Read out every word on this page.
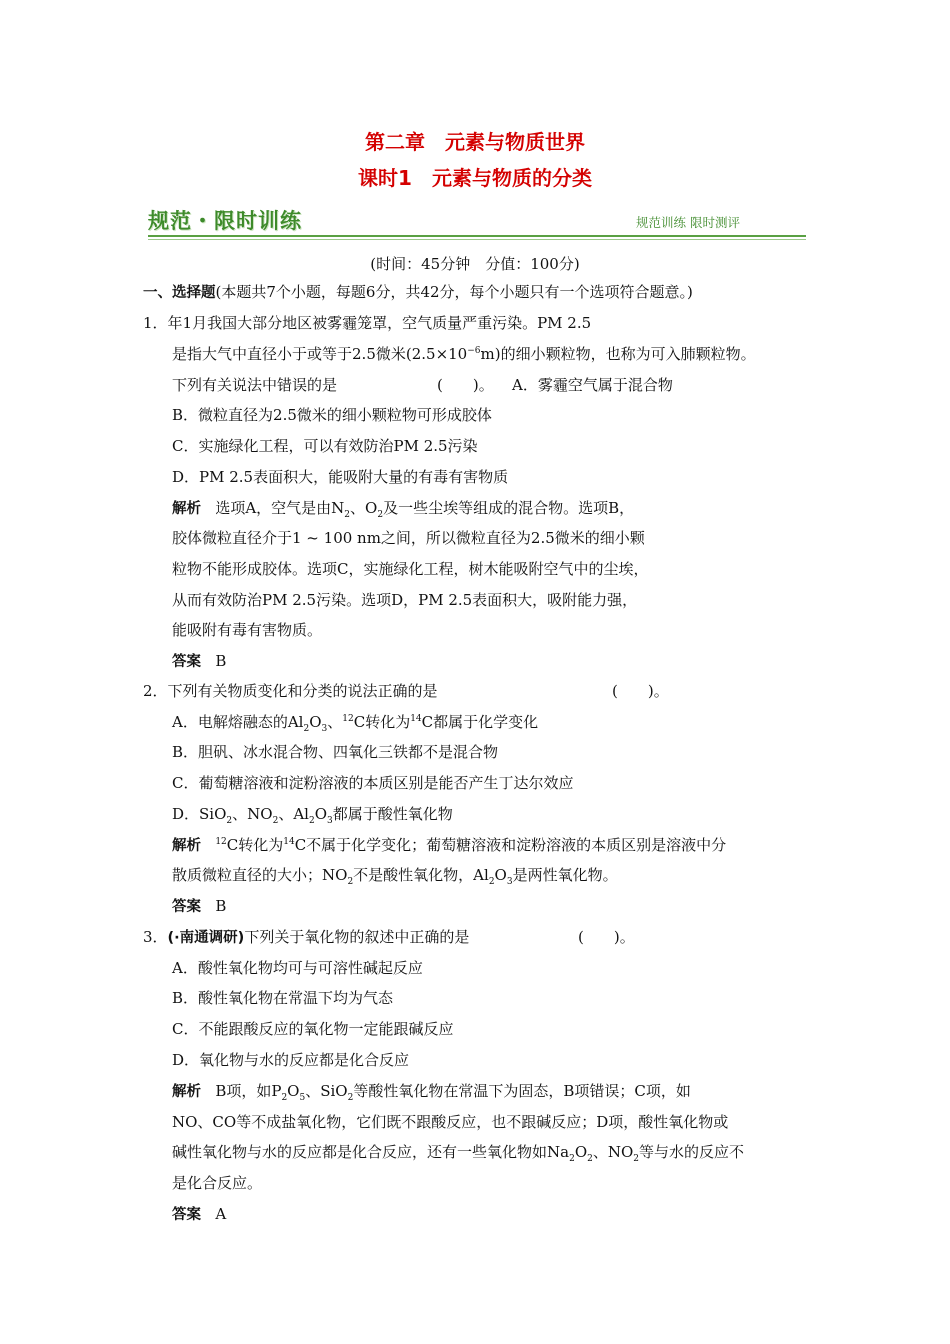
第二章　元素与物质世界
课时1　元素与物质的分类
规范・限时训练	规范训练 限时测评
(时间：45分钟　分值：100分)
一、选择题(本题共7个小题，每题6分，共42分，每个小题只有一个选项符合题意。)
1．年1月我国大部分地区被雾霾笼罩，空气质量严重污染。PM 2.5
是指大气中直径小于或等于2.5微米$(2.5\times 10^{-6}m)$的细小颗粒物，也称为可入肺颗粒物。
下列有关说法中错误的是	(　　)。 A．雾霾空气属于混合物
B．微粒直径为2.5微米的细小颗粒物可形成胶体
C．实施绿化工程，可以有效防治PM 2.5污染
D．PM 2.5表面积大，能吸附大量的有毒有害物质
解析 选项A，空气是由$N_2$、$O_2$及一些尘埃等组成的混合物。选项B，
胶体微粒直径介于1 ~ 100 nm之间，所以微粒直径为2.5微米的细小颗
粒物不能形成胶体。选项C，实施绿化工程，树木能吸附空气中的尘埃，
从而有效防治PM 2.5污染。选项D，PM 2.5表面积大，吸附能力强，
能吸附有毒有害物质。
答案 B
2．下列有关物质变化和分类的说法正确的是	(　　)。
A．电解熔融态的$Al_2O_3$、$^{12}$C转化为$^{14}$C都属于化学变化
B．胆矾、冰水混合物、四氧化三铁都不是混合物
C．葡萄糖溶液和淀粉溶液的本质区别是能否产生丁达尔效应
D．SiO$_2$、$NO_2$、$Al_2O_3$都属于酸性氧化物
解析 $^{12}$C转化为$^{14}$C不属于化学变化；葡萄糖溶液和淀粉溶液的本质区别是溶液中分
散质微粒直径的大小；$NO_2$不是酸性氧化物，$Al_2O_3$是两性氧化物。
答案 B
3．(·南通调研)下列关于氧化物的叙述中正确的是	(　　)。
A．酸性氧化物均可与可溶性碱起反应
B．酸性氧化物在常温下均为气态
C．不能跟酸反应的氧化物一定能跟碱反应
D．氧化物与水的反应都是化合反应
解析 B项，如$P_2O_5$、SiO$_2$等酸性氧化物在常温下为固态，B项错误；C项，如
NO、CO等不成盐氧化物，它们既不跟酸反应，也不跟碱反应；D项，酸性氧化物或
碱性氧化物与水的反应都是化合反应，还有一些氧化物如$Na_2O_2$、$NO_2$等与水的反应不
是化合反应。
答案 A
